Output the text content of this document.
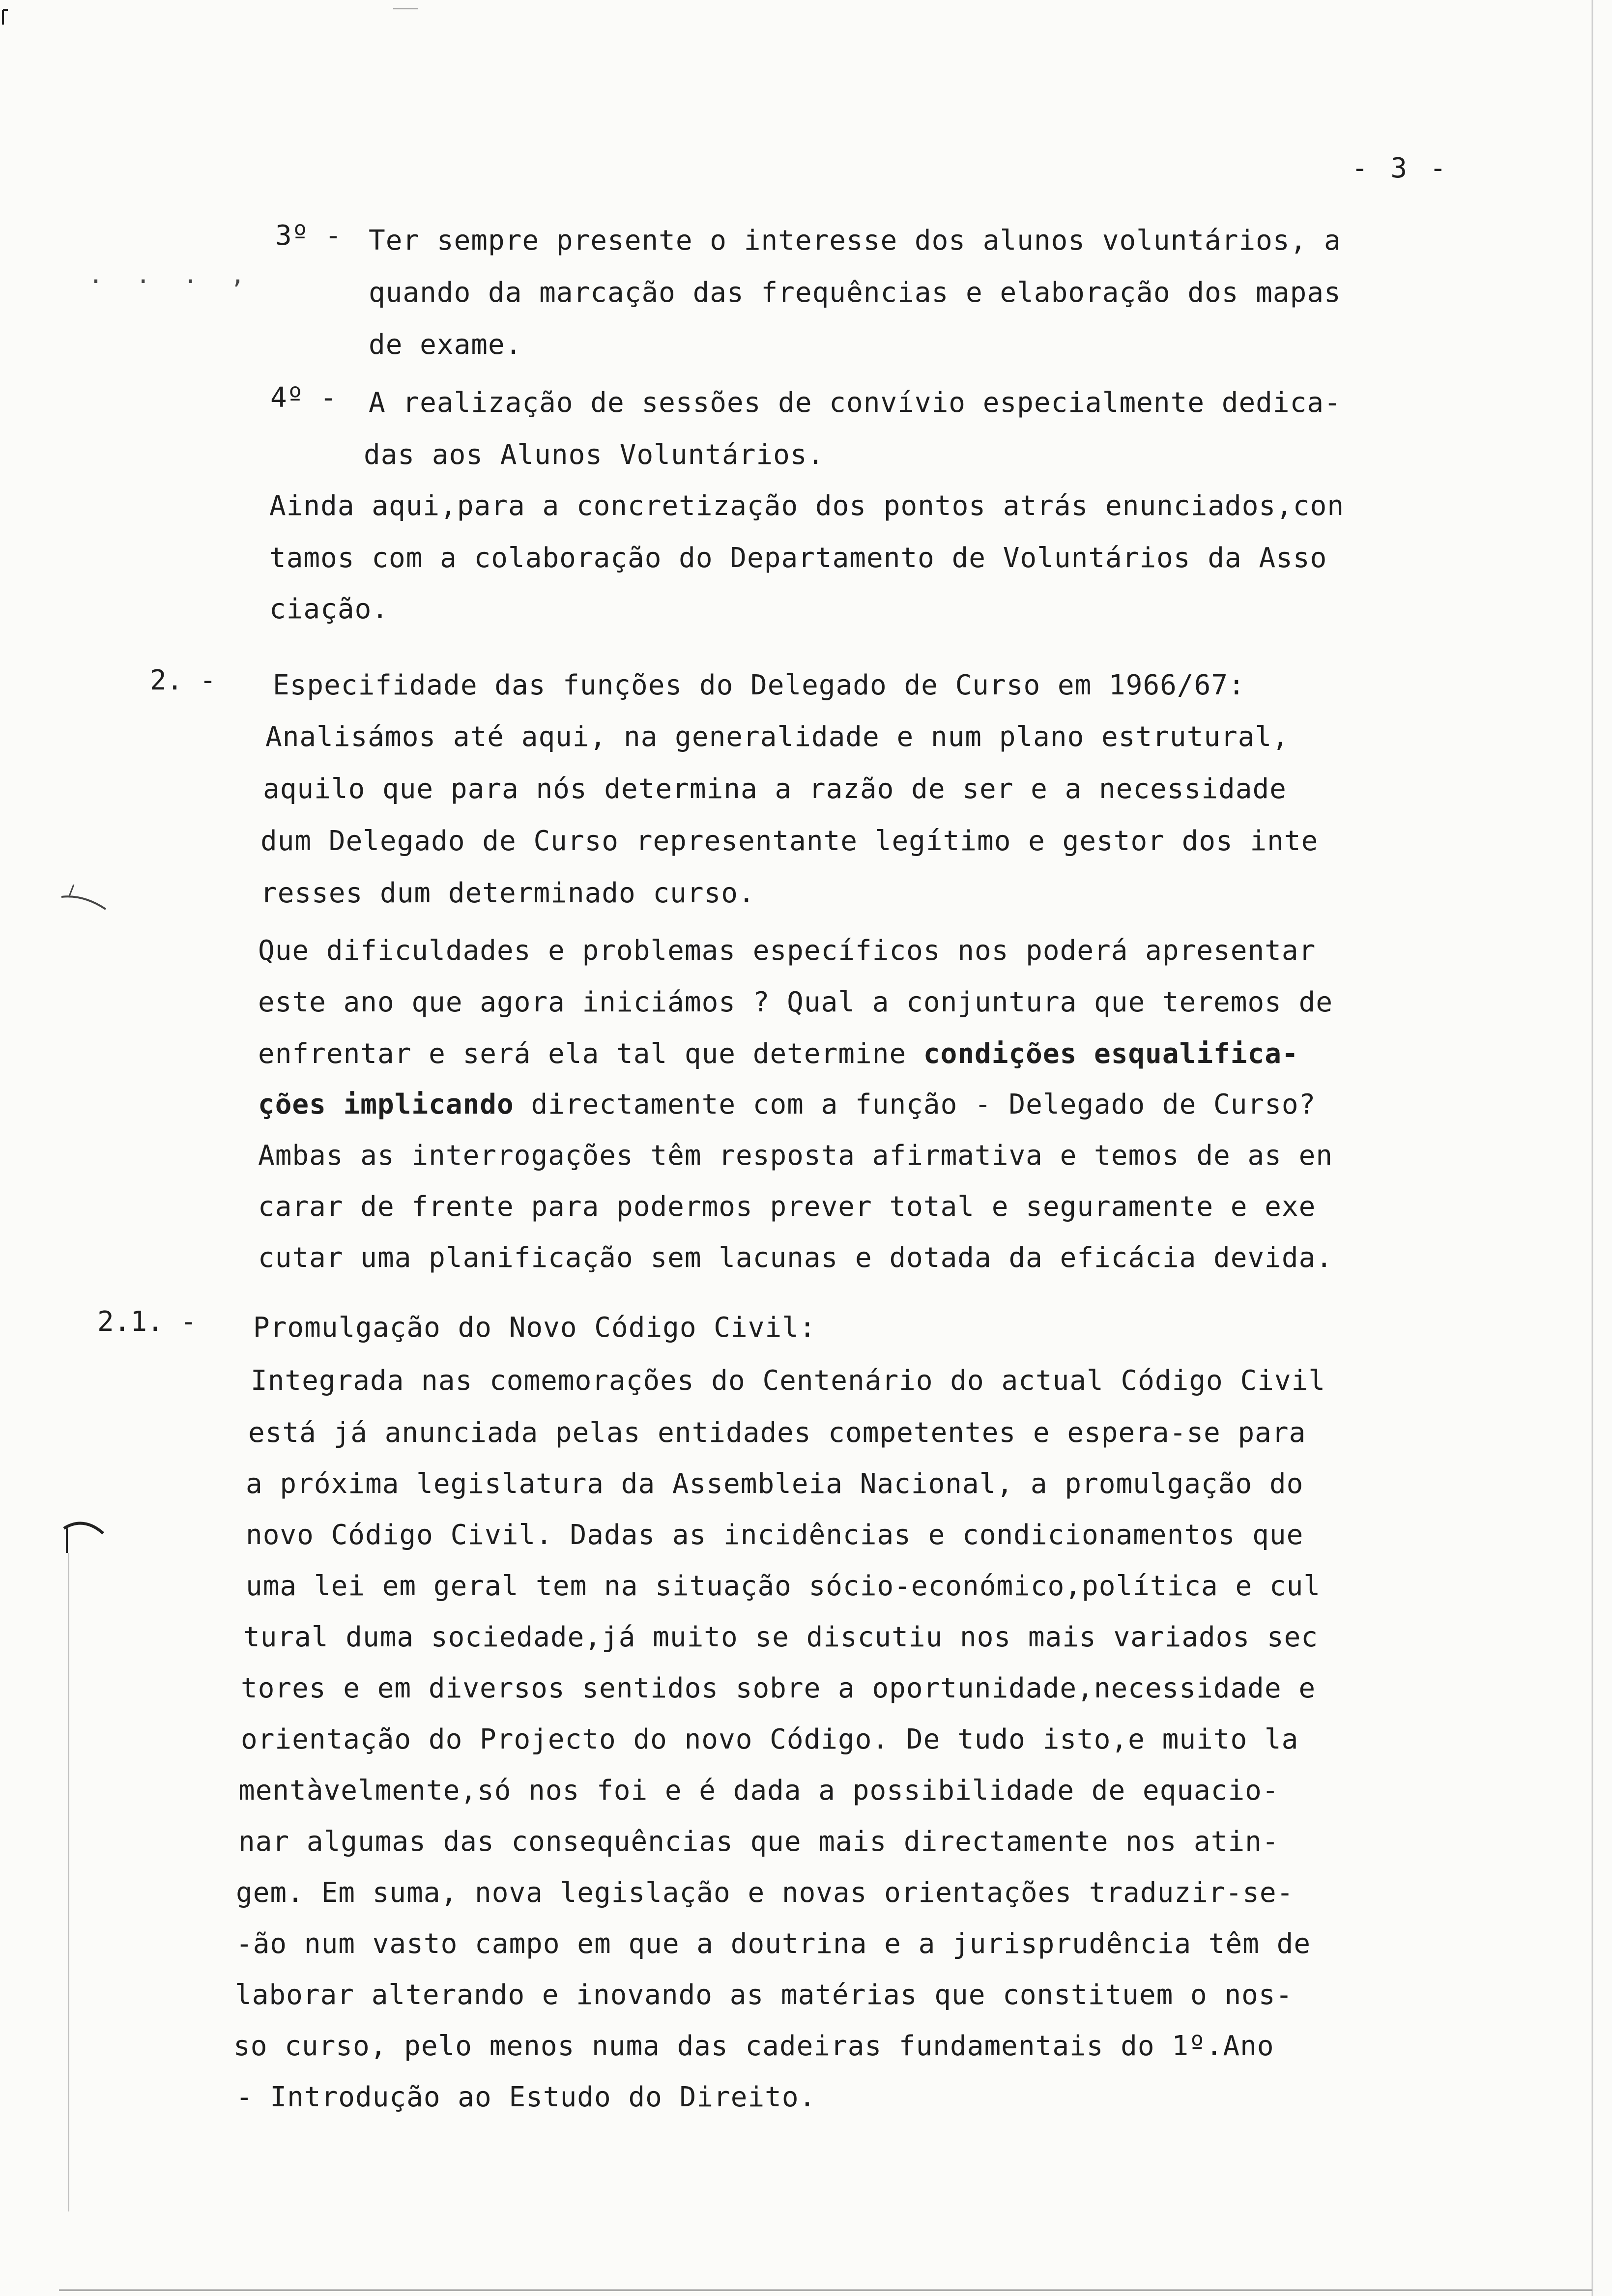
- 3 -
. . . ,
3º - Ter sempre presente o interesse dos alunos voluntários, a
quando da marcação das frequências e elaboração dos mapas
de exame.
4º - A realização de sessões de convívio especialmente dedica-
das aos Alunos Voluntários.
Ainda aqui,para a concretização dos pontos atrás enunciados,con
tamos com a colaboração do Departamento de Voluntários da Asso
ciação.
2. - Especifidade das funções do Delegado de Curso em 1966/67:
Analisámos até aqui, na generalidade e num plano estrutural,
aquilo que para nós determina a razão de ser e a necessidade
dum Delegado de Curso representante legítimo e gestor dos inte
resses dum determinado curso.
Que dificuldades e problemas específicos nos poderá apresentar
este ano que agora iniciámos ? Qual a conjuntura que teremos de
enfrentar e será ela tal que determine condições esqualifica-
ções implicando directamente com a função - Delegado de Curso?
Ambas as interrogações têm resposta afirmativa e temos de as en
carar de frente para podermos prever total e seguramente e exe
cutar uma planificação sem lacunas e dotada da eficácia devida.
2.1. - Promulgação do Novo Código Civil:
Integrada nas comemorações do Centenário do actual Código Civil
está já anunciada pelas entidades competentes e espera-se para
a próxima legislatura da Assembleia Nacional, a promulgação do
novo Código Civil. Dadas as incidências e condicionamentos que
uma lei em geral tem na situação sócio-económico,política e cul
tural duma sociedade,já muito se discutiu nos mais variados sec
tores e em diversos sentidos sobre a oportunidade,necessidade e
orientação do Projecto do novo Código. De tudo isto,e muito la
mentàvelmente,só nos foi e é dada a possibilidade de equacio-
nar algumas das consequências que mais directamente nos atin-
gem. Em suma, nova legislação e novas orientações traduzir-se-
-ão num vasto campo em que a doutrina e a jurisprudência têm de
laborar alterando e inovando as matérias que constituem o nos-
so curso, pelo menos numa das cadeiras fundamentais do 1º.Ano
- Introdução ao Estudo do Direito.
